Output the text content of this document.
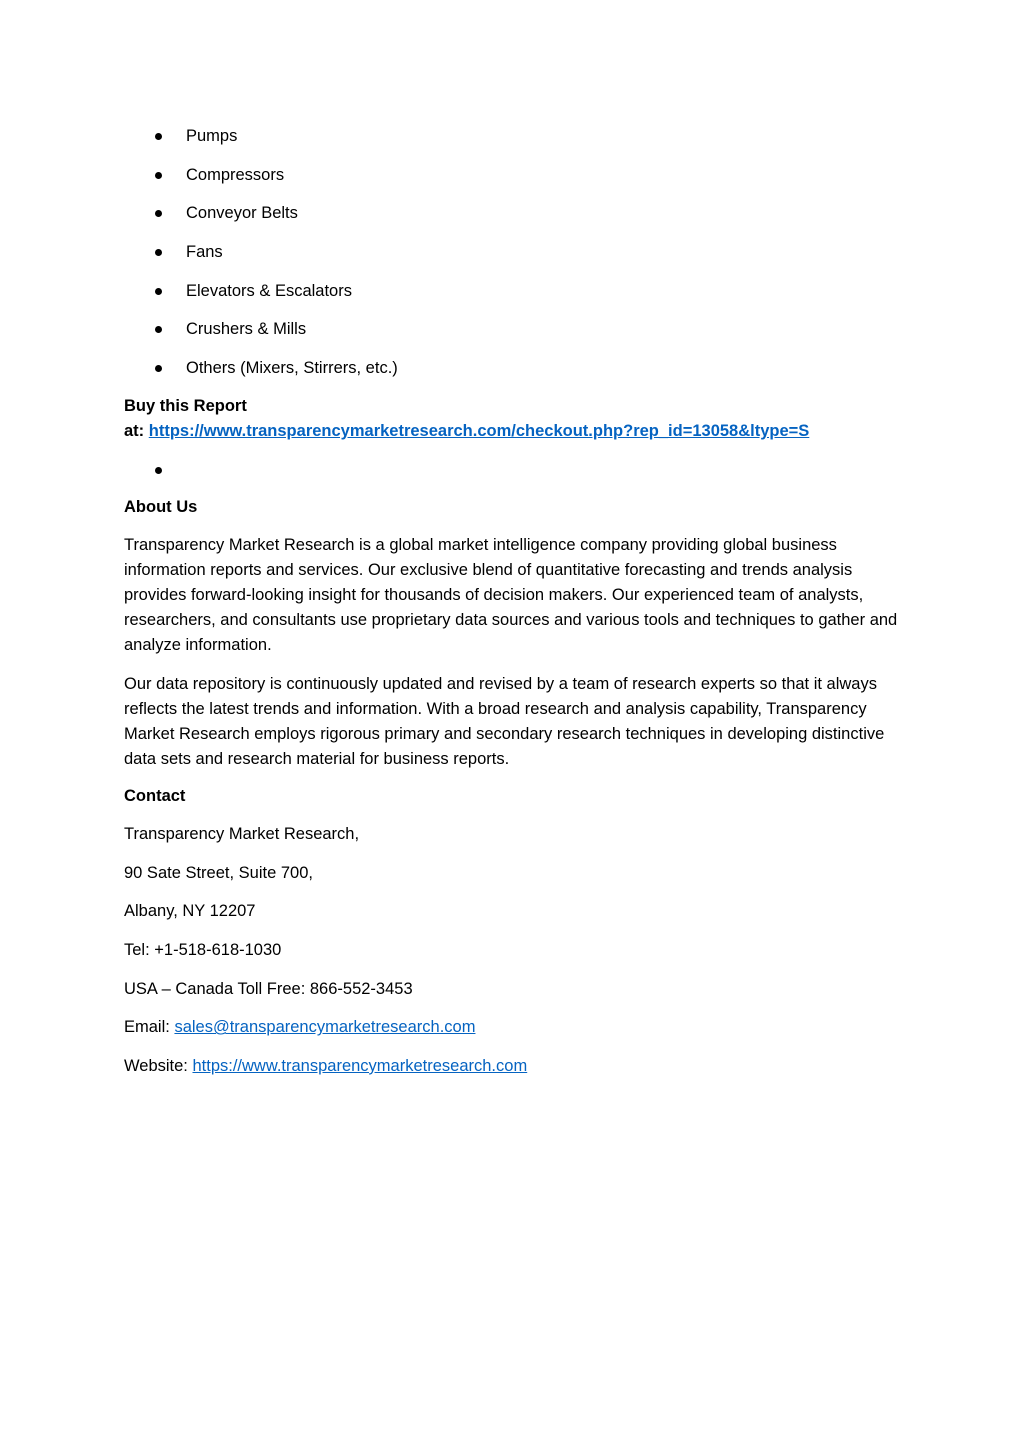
Pumps
Compressors
Conveyor Belts
Fans
Elevators & Escalators
Crushers & Mills
Others (Mixers, Stirrers, etc.)
Buy this Report
at: https://www.transparencymarketresearch.com/checkout.php?rep_id=13058&ltype=S
About Us

Transparency Market Research is a global market intelligence company providing global business information reports and services. Our exclusive blend of quantitative forecasting and trends analysis provides forward-looking insight for thousands of decision makers. Our experienced team of analysts, researchers, and consultants use proprietary data sources and various tools and techniques to gather and analyze information.

Our data repository is continuously updated and revised by a team of research experts so that it always reflects the latest trends and information. With a broad research and analysis capability, Transparency Market Research employs rigorous primary and secondary research techniques in developing distinctive data sets and research material for business reports.

Contact
Transparency Market Research,
90 Sate Street, Suite 700,
Albany, NY 12207
Tel: +1-518-618-1030
USA – Canada Toll Free: 866-552-3453
Email: sales@transparencymarketresearch.com
Website: https://www.transparencymarketresearch.com
